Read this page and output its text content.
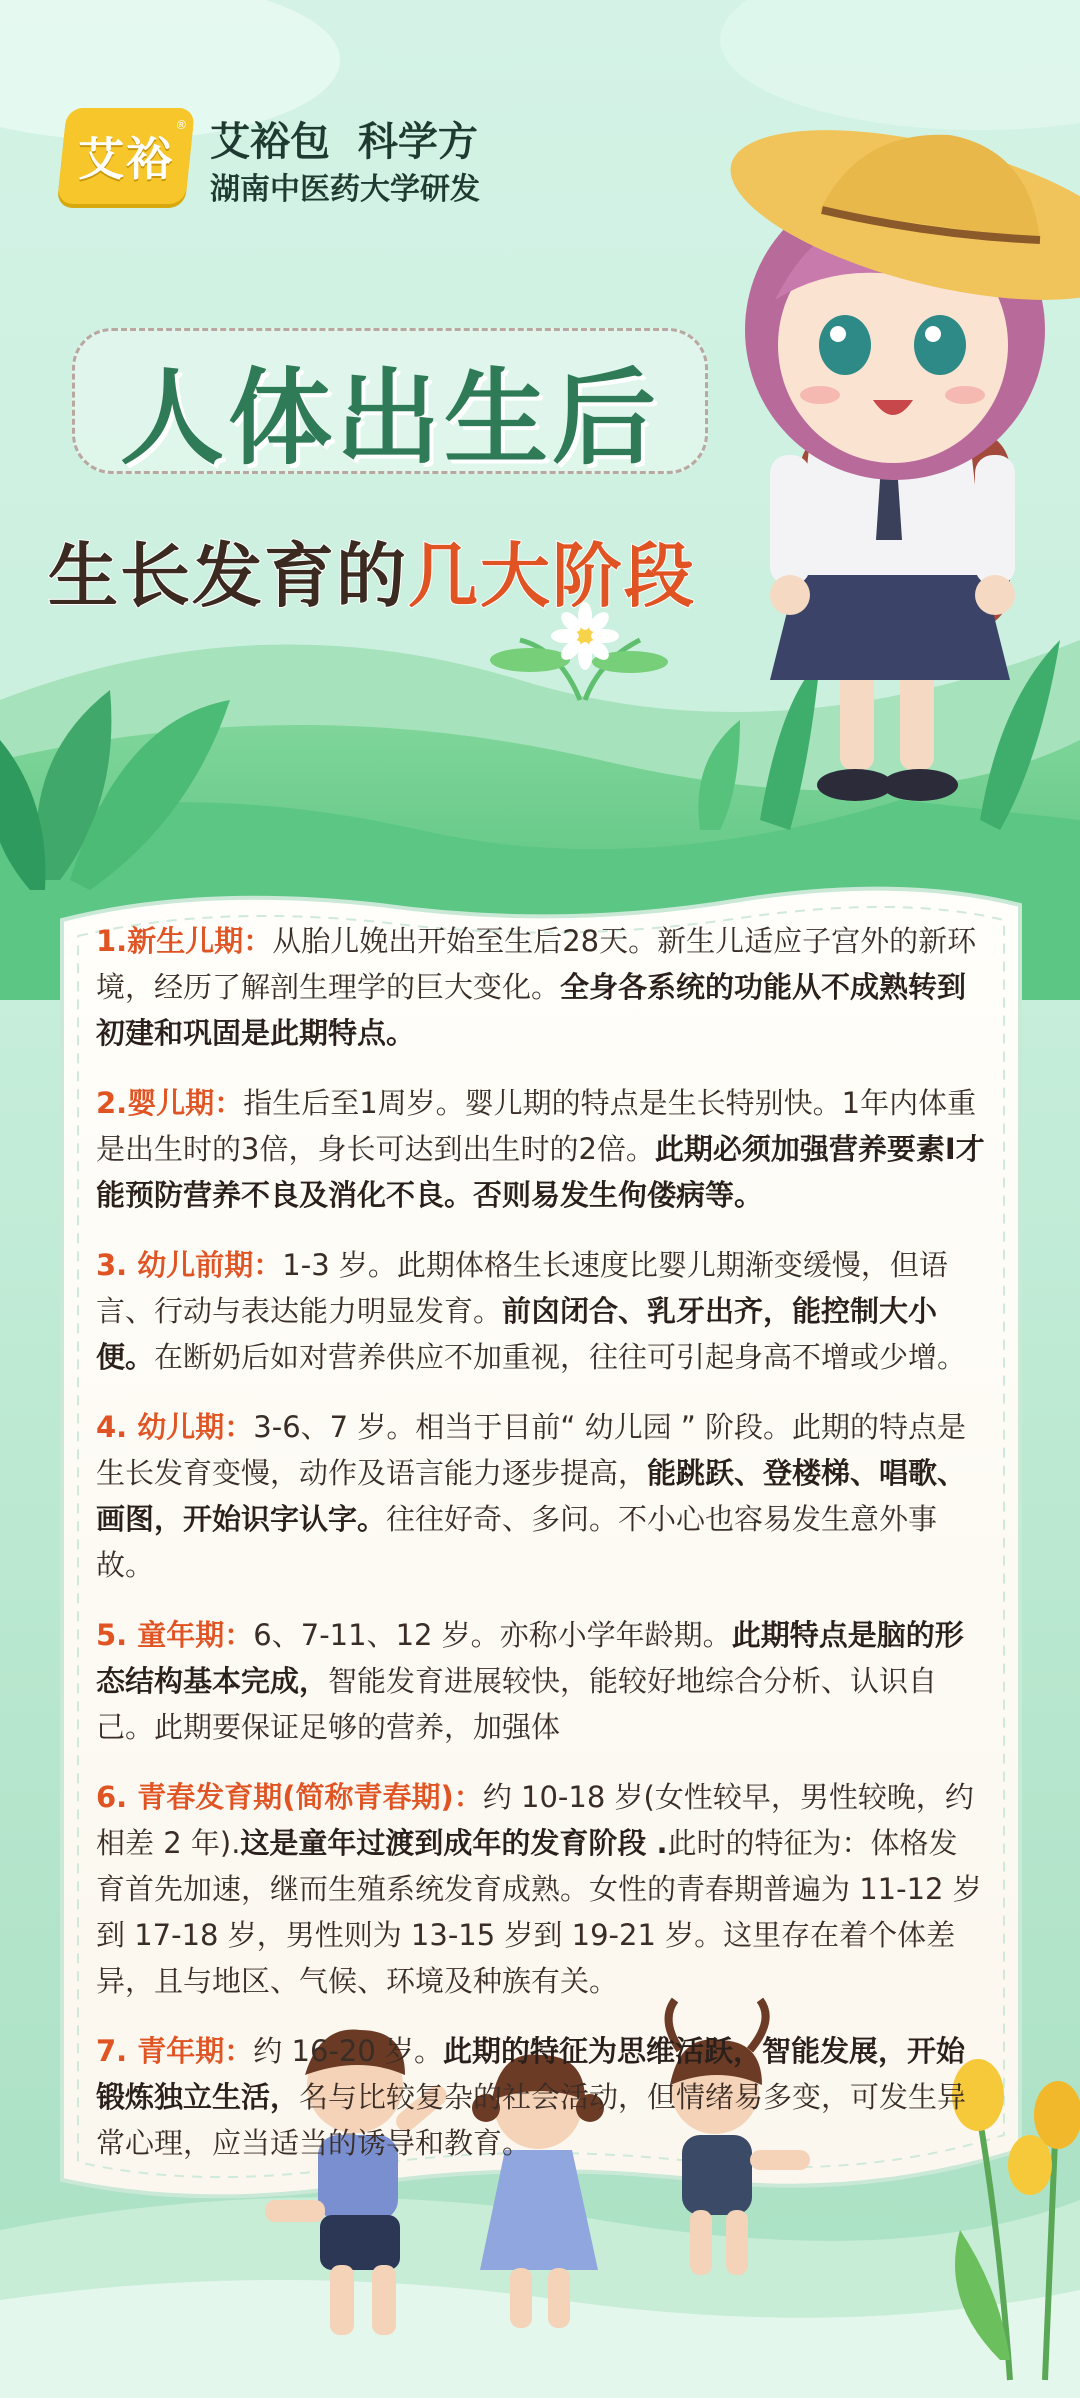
艾裕
® 艾裕包  科学方
湖南中医药大学研发
人体出生后
生长发育的几大阶段
1.新生儿期：从胎儿娩出开始至生后28天。新生儿适应子宫外的新环境，经历了解剖生理学的巨大变化。全身各系统的功能从不成熟转到初建和巩固是此期特点。
2.婴儿期：指生后至1周岁。婴儿期的特点是生长特别快。1年内体重是出生时的3倍，身长可达到出生时的2倍。此期必须加强营养要素I才能预防营养不良及消化不良。否则易发生佝偻病等。
3. 幼儿前期：1-3 岁。此期体格生长速度比婴儿期渐变缓慢，但语言、行动与表达能力明显发育。前囟闭合、乳牙出齐，能控制大小便。在断奶后如对营养供应不加重视，往往可引起身高不增或少增。
4. 幼儿期：3-6、7 岁。相当于目前“ 幼儿园 ” 阶段。此期的特点是生长发育变慢，动作及语言能力逐步提高，能跳跃、登楼梯、唱歌、画图，开始识字认字。往往好奇、多问。不小心也容易发生意外事故。
5. 童年期：6、7-11、12 岁。亦称小学年龄期。此期特点是脑的形态结构基本完成，智能发育进展较快，能较好地综合分析、认识自己。此期要保证足够的营养，加强体
6. 青春发育期(简称青春期)：约 10-18 岁(女性较早，男性较晚，约相差 2 年).这是童年过渡到成年的发育阶段 .此时的特征为：体格发育首先加速，继而生殖系统发育成熟。女性的青春期普遍为 11-12 岁到 17-18 岁，男性则为 13-15 岁到 19-21 岁。这里存在着个体差异，且与地区、气候、环境及种族有关。
7. 青年期：约 16-20 岁。此期的特征为思维活跃，智能发展，开始锻炼独立生活，名与比较复杂的社会活动，但情绪易多变，可发生异常心理，应当适当的诱导和教育。
